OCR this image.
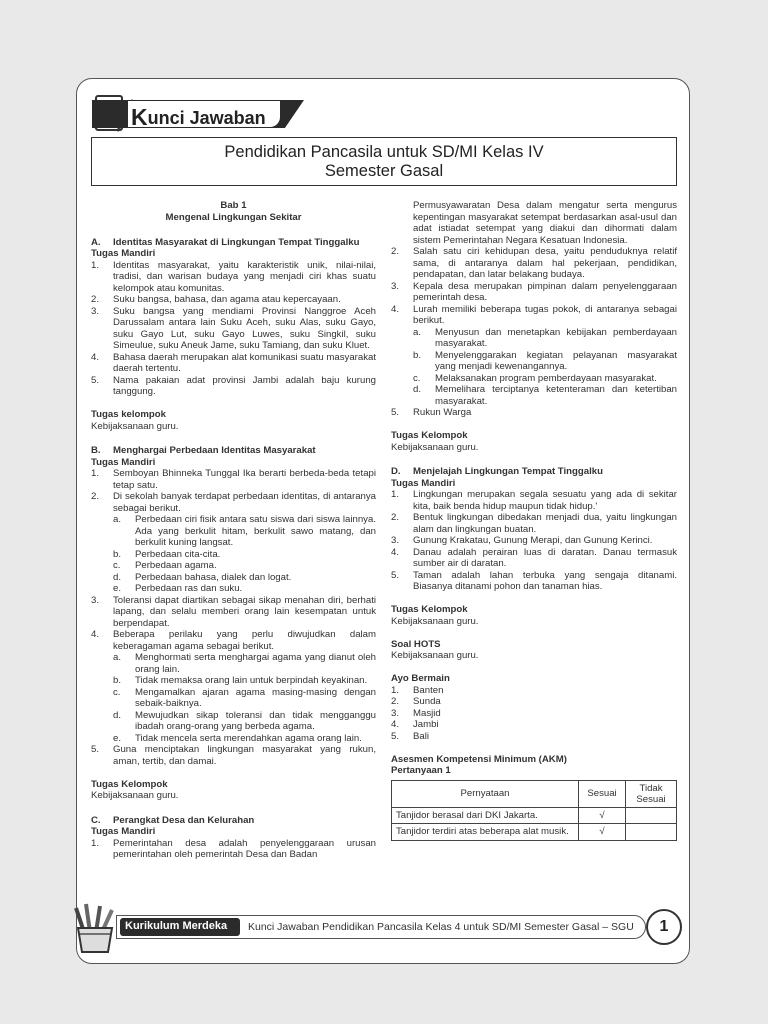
Kunci Jawaban
Pendidikan Pancasila untuk SD/MI Kelas IV
Semester Gasal
Bab 1
Mengenal Lingkungan Sekitar
A.	Identitas Masyarakat di Lingkungan Tempat Tinggalku
Tugas Mandiri
1.	Identitas masyarakat, yaitu karakteristik unik, nilai-nilai, tradisi, dan warisan budaya yang menjadi ciri khas suatu kelompok atau komunitas.
2.	Suku bangsa, bahasa, dan agama atau kepercayaan.
3.	Suku bangsa yang mendiami Provinsi Nanggroe Aceh Darussalam antara lain Suku Aceh, suku Alas, suku Gayo, suku Gayo Lut, suku Gayo Luwes, suku Singkil, suku Simeulue, suku Aneuk Jame, suku Tamiang, dan suku Kluet.
4.	Bahasa daerah merupakan alat komunikasi suatu masyarakat daerah tertentu.
5.	Nama pakaian adat provinsi Jambi adalah baju kurung tanggung.
Tugas kelompok
Kebijaksanaan guru.
B.	Menghargai Perbedaan Identitas Masyarakat
Tugas Mandiri
1.	Semboyan Bhinneka Tunggal Ika berarti berbeda-beda tetapi tetap satu.
2.	Di sekolah banyak terdapat perbedaan identitas, di antaranya sebagai berikut.
a.	Perbedaan ciri fisik antara satu siswa dari siswa lainnya. Ada yang berkulit hitam, berkulit sawo matang, dan berkulit kuning langsat.
b.	Perbedaan cita-cita.
c.	Perbedaan agama.
d.	Perbedaan bahasa, dialek dan logat.
e.	Perbedaan ras dan suku.
3.	Toleransi dapat diartikan sebagai sikap menahan diri, berhati lapang, dan selalu memberi orang lain kesempatan untuk berpendapat.
4.	Beberapa perilaku yang perlu diwujudkan dalam keberagaman agama sebagai berikut.
a.	Menghormati serta menghargai agama yang dianut oleh orang lain.
b.	Tidak memaksa orang lain untuk berpindah keyakinan.
c.	Mengamalkan ajaran agama masing-masing dengan sebaik-baiknya.
d.	Mewujudkan sikap toleransi dan tidak mengganggu ibadah orang-orang yang berbeda agama.
e.	Tidak mencela serta merendahkan agama orang lain.
5.	Guna menciptakan lingkungan masyarakat yang rukun, aman, tertib, dan damai.
Tugas Kelompok
Kebijaksanaan guru.
C.	Perangkat Desa dan Kelurahan
Tugas Mandiri
1.	Pemerintahan desa adalah penyelenggaraan urusan pemerintahan oleh pemerintah Desa dan Badan
Permusyawaratan Desa dalam mengatur serta mengurus kepentingan masyarakat setempat berdasarkan asal-usul dan adat istiadat setempat yang diakui dan dihormati dalam sistem Pemerintahan Negara Kesatuan Indonesia.
2.	Salah satu ciri kehidupan desa, yaitu penduduknya relatif sama, di antaranya dalam hal pekerjaan, pendidikan, pendapatan, dan latar belakang budaya.
3.	Kepala desa merupakan pimpinan dalam penyelenggaraan pemerintah desa.
4.	Lurah memiliki beberapa tugas pokok, di antaranya sebagai berikut.
a.	Menyusun dan menetapkan kebijakan pemberdayaan masyarakat.
b.	Menyelenggarakan kegiatan pelayanan masyarakat yang menjadi kewenangannya.
c.	Melaksanakan program pemberdayaan masyarakat.
d.	Memelihara terciptanya ketenteraman dan ketertiban masyarakat.
5.	Rukun Warga
Tugas Kelompok
Kebijaksanaan guru.
D.	Menjelajah Lingkungan Tempat Tinggalku
Tugas Mandiri
1.	Lingkungan merupakan segala sesuatu yang ada di sekitar kita, baik benda hidup maupun tidak hidup.'
2.	Bentuk lingkungan dibedakan menjadi dua, yaitu lingkungan alam dan lingkungan buatan.
3.	Gunung Krakatau, Gunung Merapi, dan Gunung Kerinci.
4.	Danau adalah perairan luas di daratan. Danau termasuk sumber air di daratan.
5.	Taman adalah lahan terbuka yang sengaja ditanami. Biasanya ditanami pohon dan tanaman hias.
Tugas Kelompok
Kebijaksanaan guru.
Soal HOTS
Kebijaksanaan guru.
Ayo Bermain
1.	Banten
2.	Sunda
3.	Masjid
4.	Jambi
5.	Bali
Asesmen Kompetensi Minimum (AKM)
Pertanyaan 1
Pernyataan	Sesuai	Tidak Sesuai
Tanjidor berasal dari DKI Jakarta.	√	
Tanjidor terdiri atas beberapa alat musik.	√	
Kurikulum Merdeka	Kunci Jawaban Pendidikan Pancasila Kelas 4 untuk SD/MI Semester Gasal – SGU	1
